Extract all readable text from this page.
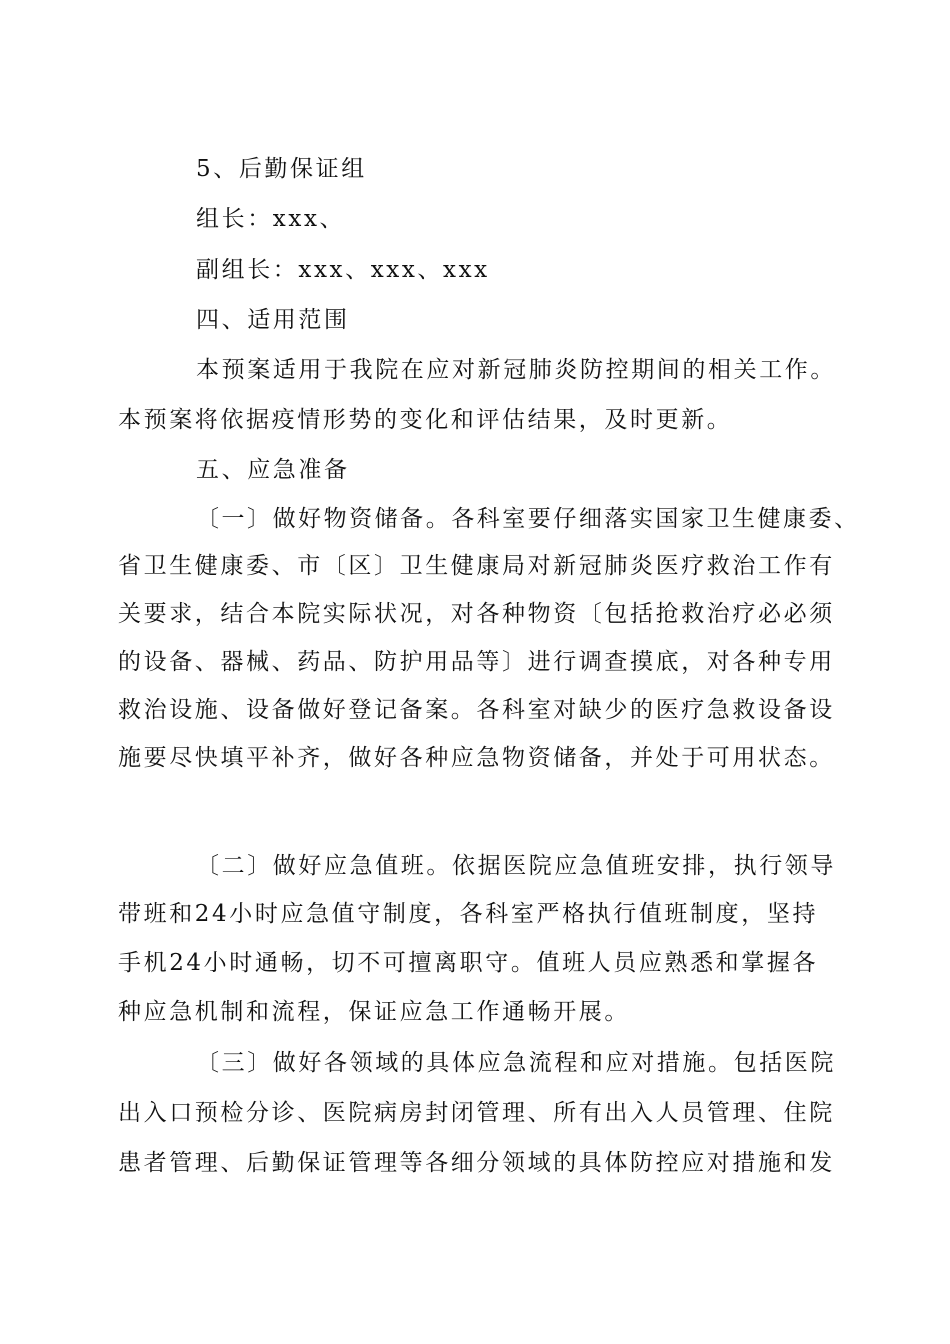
5、后勤保证组
组长：xxx、
副组长：xxx、xxx、xxx
四、适用范围
本预案适用于我院在应对新冠肺炎防控期间的相关工作。
本预案将依据疫情形势的变化和评估结果，及时更新。
五、应急准备
〔一〕做好物资储备。各科室要仔细落实国家卫生健康委、
省卫生健康委、市〔区〕卫生健康局对新冠肺炎医疗救治工作有
关要求，结合本院实际状况，对各种物资〔包括抢救治疗必必须
的设备、器械、药品、防护用品等〕进行调查摸底，对各种专用
救治设施、设备做好登记备案。各科室对缺少的医疗急救设备设
施要尽快填平补齐，做好各种应急物资储备，并处于可用状态。
〔二〕做好应急值班。依据医院应急值班安排，执行领导
带班和24小时应急值守制度，各科室严格执行值班制度，坚持
手机24小时通畅，切不可擅离职守。值班人员应熟悉和掌握各
种应急机制和流程，保证应急工作通畅开展。
〔三〕做好各领域的具体应急流程和应对措施。包括医院
出入口预检分诊、医院病房封闭管理、所有出入人员管理、住院
患者管理、后勤保证管理等各细分领域的具体防控应对措施和发
